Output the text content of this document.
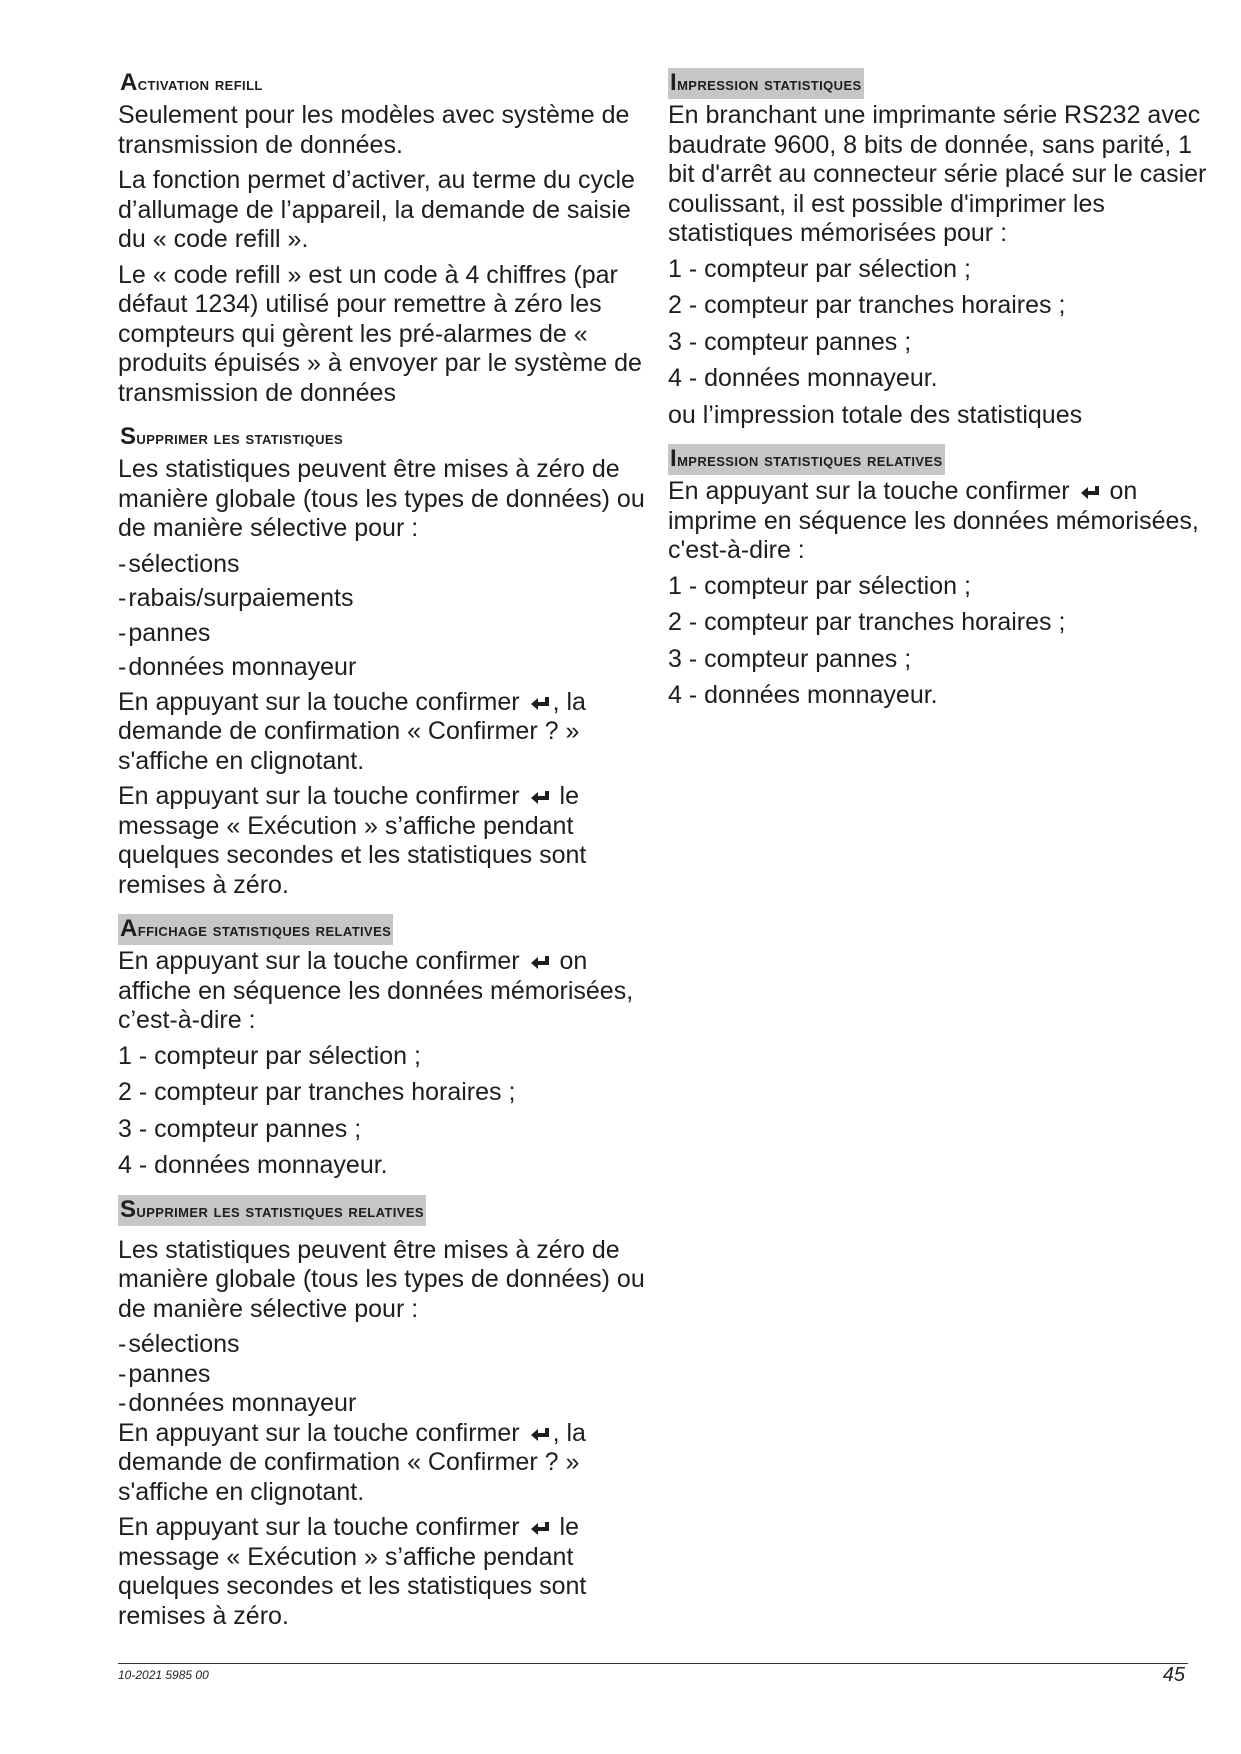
Activation refill

Seulement pour les modèles avec système de transmission de données.

La fonction permet d’activer, au terme du cycle d’allumage de l’appareil, la demande de saisie du « code refill ».

Le « code refill » est un code à 4 chiffres (par défaut 1234) utilisé pour remettre à zéro les compteurs qui gèrent les pré-alarmes de « produits épuisés » à envoyer par le système de transmission de données

Supprimer les statistiques

Les statistiques peuvent être mises à zéro de manière globale (tous les types de données) ou de manière sélective pour :

- sélections
- rabais/surpaiements
- pannes
- données monnayeur

En appuyant sur la touche confirmer , la demande de confirmation « Confirmer ? » s'affiche en clignotant.

En appuyant sur la touche confirmer  le message « Exécution » s’affiche pendant quelques secondes et les statistiques sont remises à zéro.

Affichage statistiques relatives

En appuyant sur la touche confirmer  on affiche en séquence les données mémorisées, c’est-à-dire :

1 - compteur par sélection ;
2 - compteur par tranches horaires ;
3 - compteur pannes ;
4 - données monnayeur.
Supprimer les statistiques relatives

Les statistiques peuvent être mises à zéro de manière globale (tous les types de données) ou de manière sélective pour :

- sélections
- pannes
- données monnayeur

En appuyant sur la touche confirmer , la demande de confirmation « Confirmer ? » s'affiche en clignotant.

En appuyant sur la touche confirmer  le message « Exécution » s’affiche pendant quelques secondes et les statistiques sont remises à zéro.

Impression statistiques

En branchant une imprimante série RS232 avec baudrate 9600, 8 bits de donnée, sans parité, 1 bit d'arrêt au connecteur série placé sur le casier coulissant, il est possible d'imprimer les statistiques mémorisées pour :

1 - compteur par sélection ;
2 - compteur par tranches horaires ;
3 - compteur pannes ;
4 - données monnayeur.
ou l’impression totale des statistiques
Impression statistiques relatives

En appuyant sur la touche confirmer  on imprime en séquence les données mémorisées, c'est-à-dire :

1 - compteur par sélection ;
2 - compteur par tranches horaires ;
3 - compteur pannes ;
4 - données monnayeur.
10-2021 5985 00	45
